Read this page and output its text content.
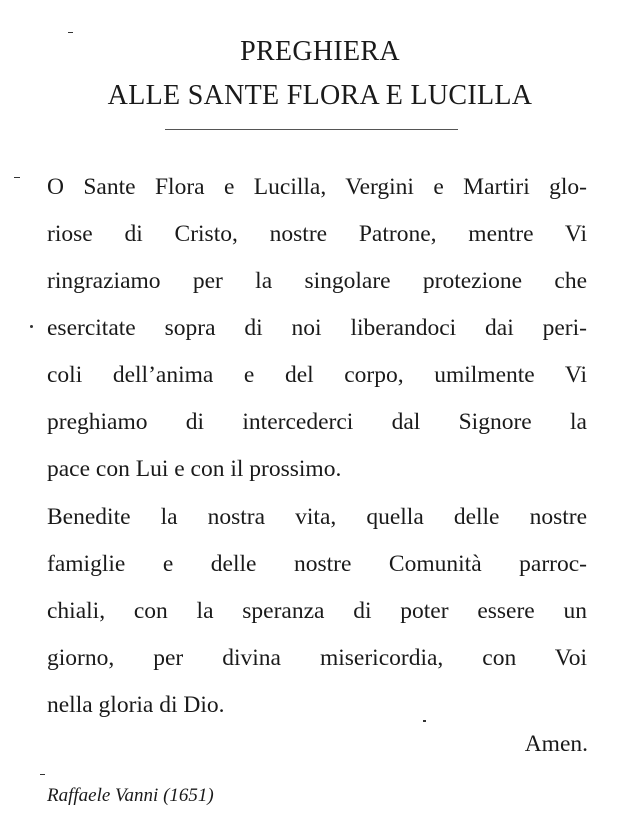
PREGHIERA
ALLE SANTE FLORA E LUCILLA
O Sante Flora e Lucilla, Vergini e Martiri glo-
riose di Cristo, nostre Patrone, mentre Vi
ringraziamo per la singolare protezione che
esercitate sopra di noi liberandoci dai peri-
coli dell’anima e del corpo, umilmente Vi
preghiamo di intercederci dal Signore la
pace con Lui e con il prossimo.
Benedite la nostra vita, quella delle nostre
famiglie e delle nostre Comunità parroc-
chiali, con la speranza di poter essere un
giorno, per divina misericordia, con Voi
nella gloria di Dio.
Amen.
Raffaele Vanni (1651)
